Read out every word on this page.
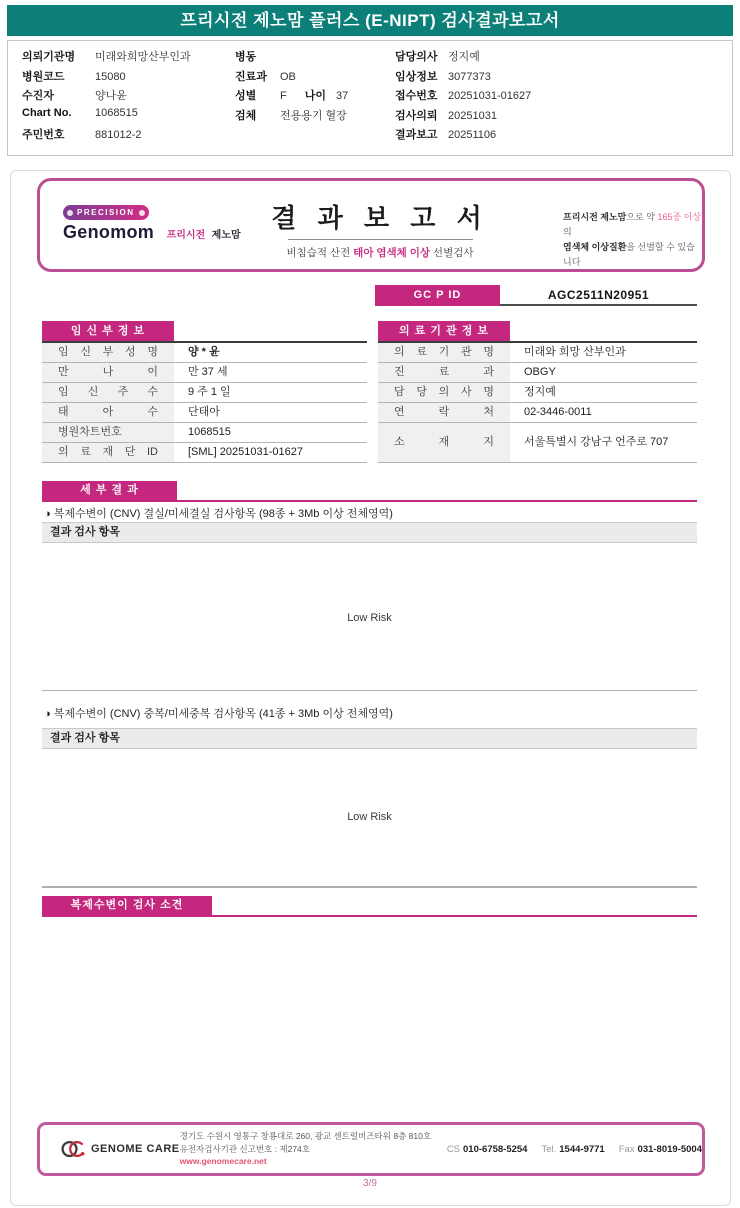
프리시전 제노맘 플러스 (E-NIPT) 검사결과보고서
의뢰기관명	미래와희망산부인과
병원코드	15080
수진자	양나윤
Chart No.	1068515
주민번호	881012-2
병동
진료과	OB
성별	F 나이 37
검체	전용용기 혈장
담당의사 정지예
임상정보 3077373
접수번호 20251031-01627
검사의뢰 20251031
결과보고 20251106
PRECISION
Genomom 프리시전 제노맘
결 과 보 고 서
비침습적 산전 태아 염색체 이상 선별검사
프리시전 제노맘으로 약 165종 이상의
염색체 이상질환을 선별할 수 있습니다
GC P ID	AGC2511N20951
임 신 부 정 보
임 신 부 성 명	양 * 윤
만 나 이	만 37 세
임 신 주 수	9 주 1 일
태 아 수	단태아
병원차트번호	1068515
의 료 재 단 ID	[SML] 20251031-01627
의 료 기 관 정 보
의 료 기 관 명	미래와 희망 산부인과
진 료 과	OBGY
담 당 의 사 명	정지예
연 락 처	02-3446-0011
소 재 지	서울특별시 강남구 언주로 707
세 부 결 과
◑ 복제수변이 (CNV) 결실/미세결실 검사항목 (98종 + 3Mb 이상 전체영역)
결과 검사 항목
Low Risk
◑ 복제수변이 (CNV) 중복/미세중복 검사항목 (41종 + 3Mb 이상 전체영역)
결과 검사 항목
Low Risk
복제수변이 검사 소견
GENOME CARE
경기도 수원시 영통구 창룡대로 260, 광교 센트럴비즈타워 8층 810호
유전자검사기관 신고번호 : 제274호
www.genomecare.net
CS 010-6758-5254 Tel. 1544-9771 Fax 031-8019-5004
3/9
